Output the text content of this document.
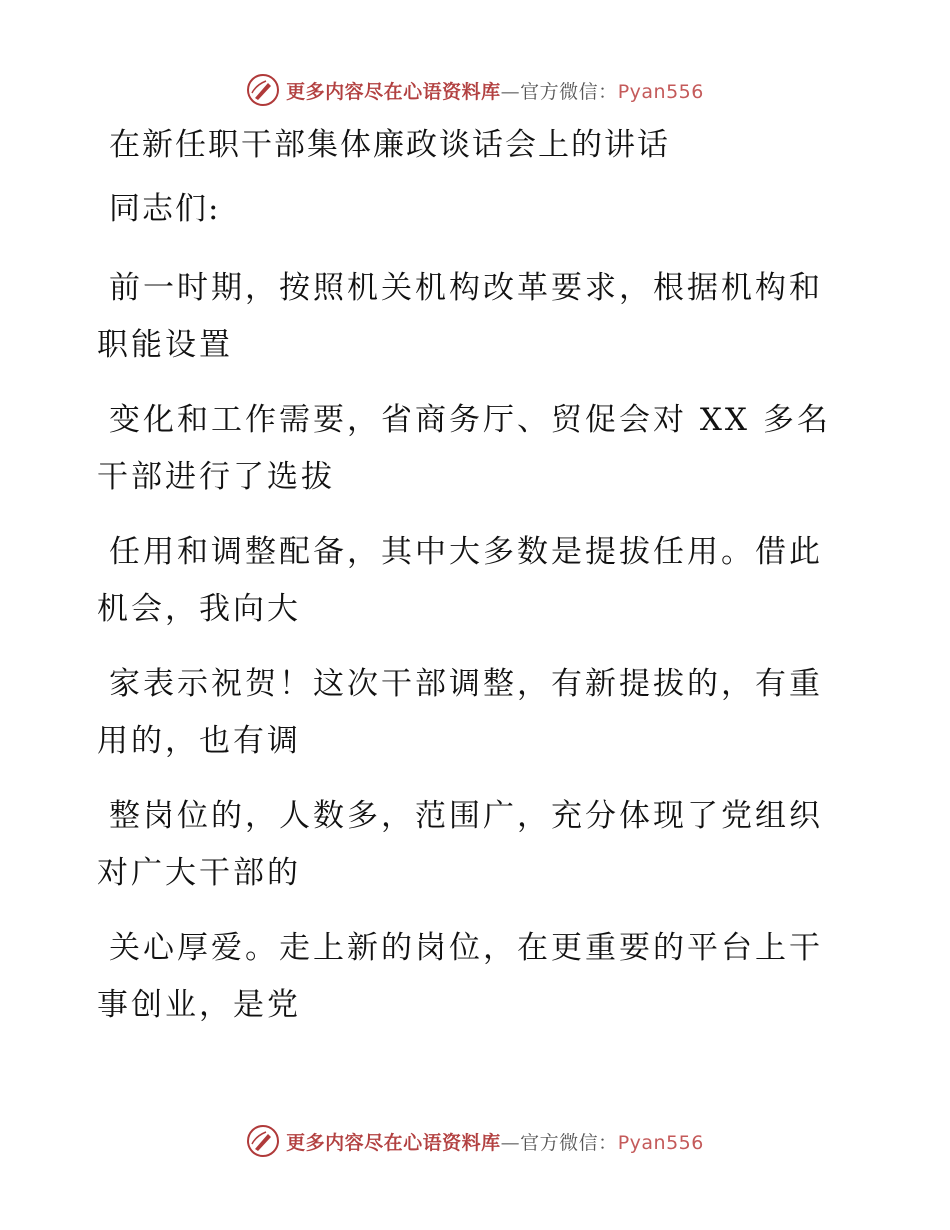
更多内容尽在心语资料库—官方微信：Pyan556
在新任职干部集体廉政谈话会上的讲话
同志们:
前一时期，按照机关机构改革要求，根据机构和
职能设置
变化和工作需要，省商务厅、贸促会对 XX 多名
干部进行了选拔
任用和调整配备，其中大多数是提拔任用。借此
机会，我向大
家表示祝贺！这次干部调整，有新提拔的，有重
用的，也有调
整岗位的，人数多，范围广，充分体现了党组织
对广大干部的
关心厚爱。走上新的岗位，在更重要的平台上干
事创业，是党
更多内容尽在心语资料库—官方微信：Pyan556
